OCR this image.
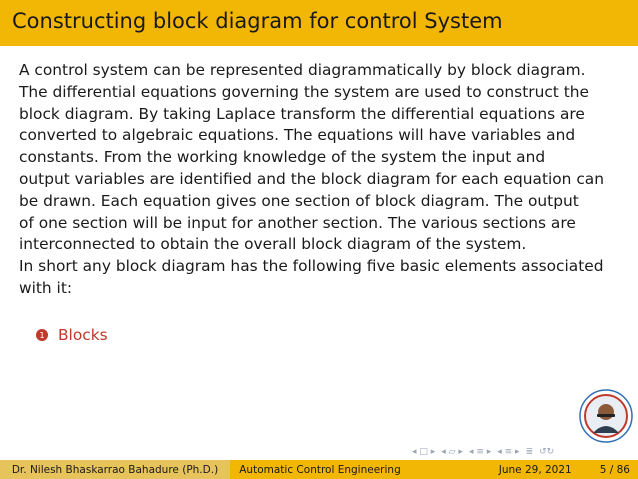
Constructing block diagram for control System
A control system can be represented diagrammatically by block diagram.
The differential equations governing the system are used to construct the
block diagram. By taking Laplace transform the differential equations are
converted to algebraic equations. The equations will have variables and
constants. From the working knowledge of the system the input and
output variables are identified and the block diagram for each equation can
be drawn. Each equation gives one section of block diagram. The output
of one section will be input for another section. The various sections are
interconnected to obtain the overall block diagram of the system.
In short any block diagram has the following five basic elements associated
with it:
1 Blocks
◂ □ ▸ ◂ ▱ ▸ ◂ ≡ ▸ ◂ ≡ ▸ ≣ ↺↻
Dr. Nilesh Bhaskarrao Bahadure (Ph.D.)	Automatic Control Engineering	June 29, 2021	5 / 86
